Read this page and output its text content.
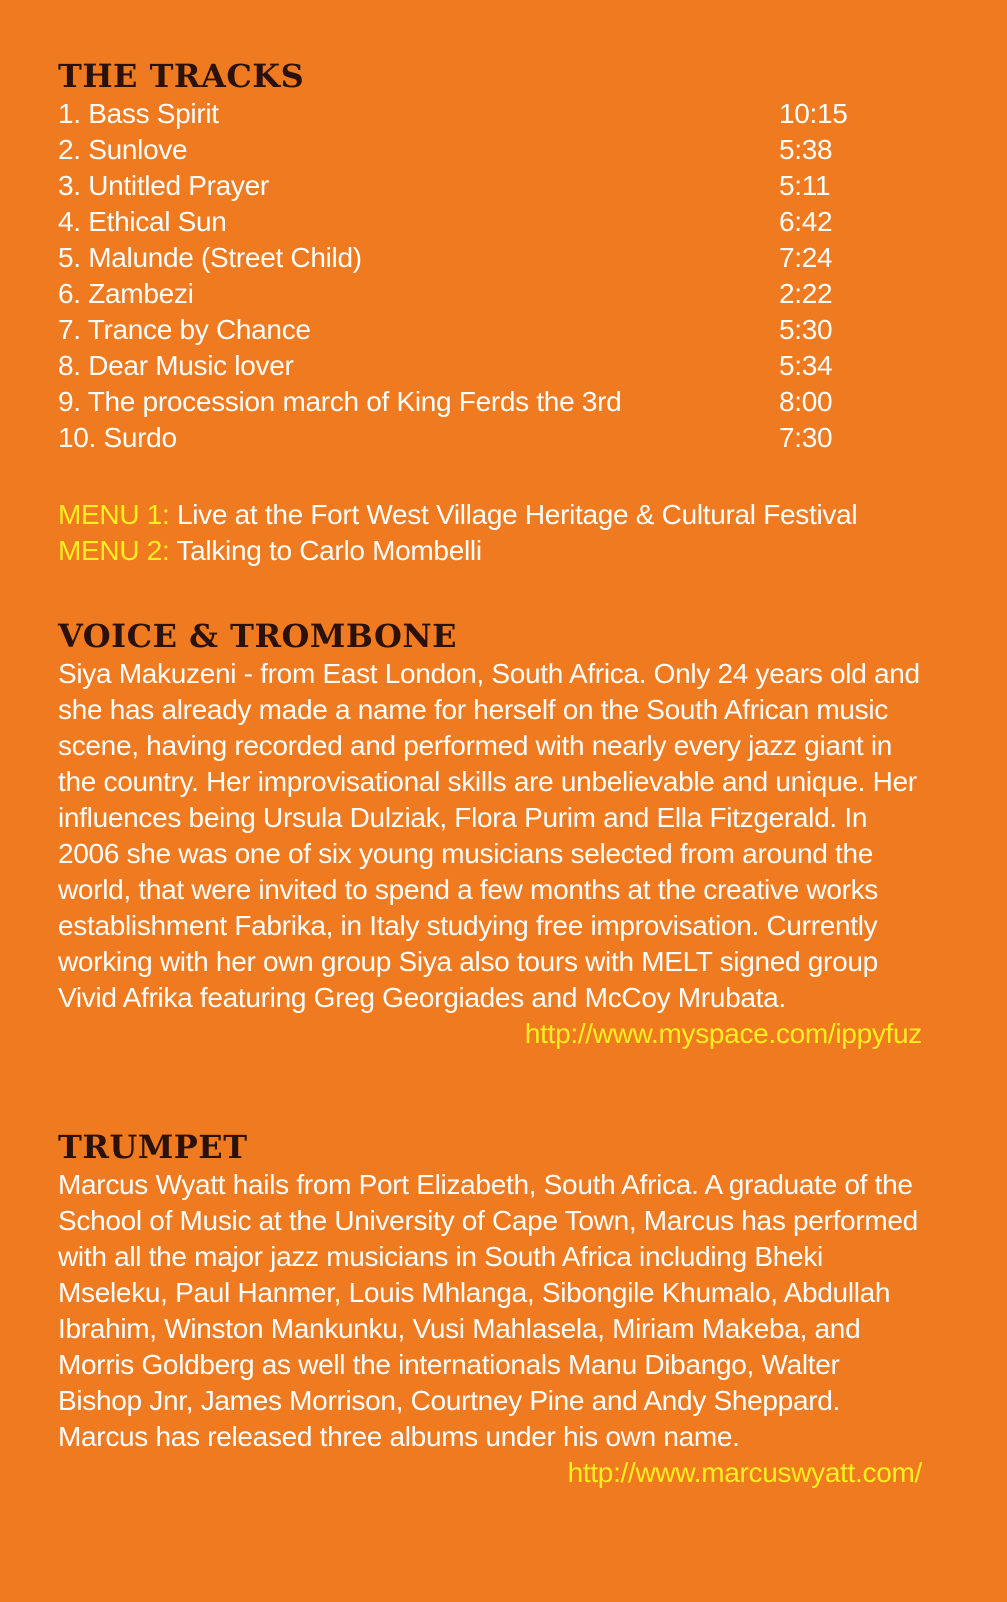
THE TRACKS
1. Bass Spirit	10:15
2. Sunlove	5:38
3. Untitled Prayer	5:11
4. Ethical Sun	6:42
5. Malunde (Street Child)	7:24
6. Zambezi	2:22
7. Trance by Chance	5:30
8. Dear Music lover	5:34
9. The procession march of King Ferds the 3rd	8:00
10. Surdo	7:30
MENU 1: Live at the Fort West Village Heritage & Cultural Festival
MENU 2: Talking to Carlo Mombelli
VOICE & TROMBONE

Siya Makuzeni - from East London, South Africa. Only 24 years old and she has already made a name for herself on the South African music scene, having recorded and performed with nearly every jazz giant in the country. Her improvisational skills are unbelievable and unique. Her influences being Ursula Dulziak, Flora Purim and Ella Fitzgerald. In 2006 she was one of six young musicians selected from around the world, that were invited to spend a few months at the creative works establishment Fabrika, in Italy studying free improvisation. Currently working with her own group Siya also tours with MELT signed group Vivid Afrika featuring Greg Georgiades and McCoy Mrubata.

http://www.myspace.com/ippyfuz
TRUMPET

Marcus Wyatt hails from Port Elizabeth, South Africa. A graduate of the School of Music at the University of Cape Town, Marcus has performed with all the major jazz musicians in South Africa including Bheki Mseleku, Paul Hanmer, Louis Mhlanga, Sibongile Khumalo, Abdullah Ibrahim, Winston Mankunku, Vusi Mahlasela, Miriam Makeba, and Morris Goldberg as well the internationals Manu Dibango, Walter Bishop Jnr, James Morrison, Courtney Pine and Andy Sheppard. Marcus has released three albums under his own name.

http://www.marcuswyatt.com/
